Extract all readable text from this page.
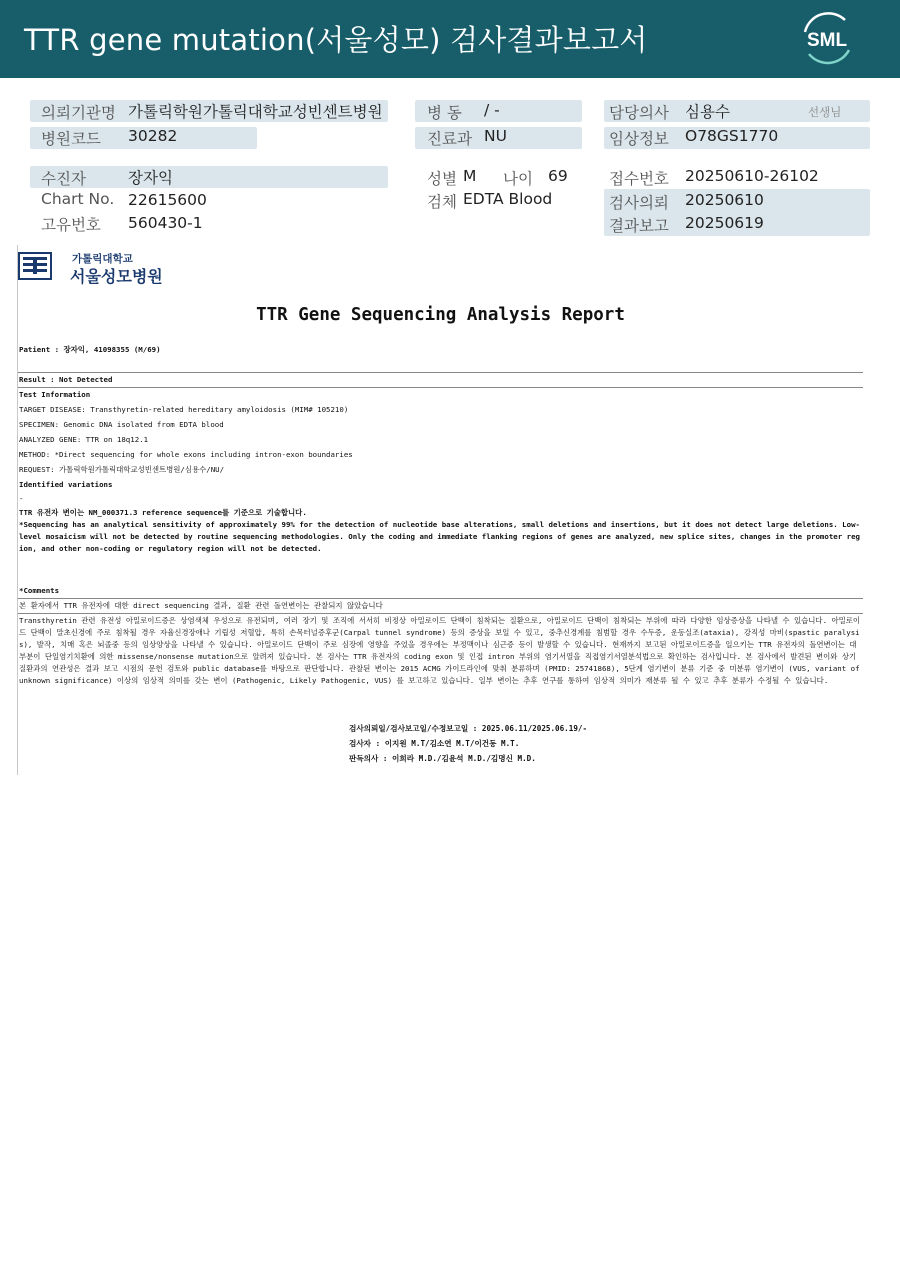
TTR gene mutation(서울성모) 검사결과보고서	SML
의뢰기관명 가톨릭학원가톨릭대학교성빈센트병원
병원코드 30282
병 동 / -
진료과 NU
담당의사 심용수	선생님
임상정보 O78GS1770
수진자	장자익
Chart No. 22615600
고유번호 560430-1
성별 M 나이 69
검체 EDTA Blood
접수번호 20250610-26102
검사의뢰 20250610
결과보고 20250619
가톨릭대학교
서울성모병원
TTR Gene Sequencing Analysis Report
Patient : 장자익, 41098355 (M/69)
Result : Not Detected
Test Information
TARGET DISEASE: Transthyretin-related hereditary amyloidosis (MIM# 105210)
SPECIMEN: Genomic DNA isolated from EDTA blood
ANALYZED GENE: TTR on 18q12.1
METHOD: *Direct sequencing for whole exons including intron-exon boundaries
REQUEST: 가톨릭학원가톨릭대학교성빈센트병원/심용수/NU/
Identified variations
-
TTR 유전자 변이는 NM_000371.3 reference sequence를 기준으로 기술합니다.
*Sequencing has an analytical sensitivity of approximately 99% for the detection of nucleotide base alterations, small deletions and insertions, but it does not detect large deletions. Low-level mosaicism will not be detected by routine sequencing methodologies. Only the coding and immediate flanking regions of genes are analyzed, new splice sites, changes in the promoter region, and other non-coding or regulatory region will not be detected.
*Comments
본 환자에서 TTR 유전자에 대한 direct sequencing 결과, 질환 관련 돌연변이는 관찰되지 않았습니다
Transthyretin 관련 유전성 아밀로이드증은 상염색체 우성으로 유전되며, 여러 장기 및 조직에 서서히 비정상 아밀로이드 단백이 침착되는 질환으로, 아밀로이드 단백이 침착되는 부위에 따라 다양한 임상증상을 나타낼 수 있습니다. 아밀로이드 단백이 말초신경에 주로 침착될 경우 자율신경장애나 기립성 저혈압, 특히 손목터널증후군(Carpal tunnel syndrome) 등의 증상을 보일 수 있고, 중추신경계를 침범할 경우 수두증, 운동실조(ataxia), 강직성 마비(spastic paralysis), 발작, 치매 혹은 뇌졸중 등의 임상양상을 나타낼 수 있습니다. 아밀로이드 단백이 주로 심장에 영향을 주었을 경우에는 부정맥이나 심근증 등이 발생할 수 있습니다. 현재까지 보고된 아밀로이드증을 일으키는 TTR 유전자의 돌연변이는 대부분이 단일염기치환에 의한 missense/nonsense mutation으로 알려져 있습니다. 본 검사는 TTR 유전자의 coding exon 및 인접 intron 부위의 염기서열을 직접염기서열분석법으로 확인하는 검사입니다. 본 검사에서 발견된 변이와 상기 질환과의 연관성은 결과 보고 시점의 문헌 검토와 public database를 바탕으로 판단합니다. 관찰된 변이는 2015 ACMG 가이드라인에 맞춰 분류하며 (PMID: 25741868), 5단계 염기변이 분류 기준 중 미분류 염기변이 (VUS, variant of unknown significance) 이상의 임상적 의미를 갖는 변이 (Pathogenic, Likely Pathogenic, VUS) 를 보고하고 있습니다. 일부 변이는 추후 연구를 통하여 임상적 의미가 재분류 될 수 있고 추후 분류가 수정될 수 있습니다.
검사의뢰일/검사보고일/수정보고일 : 2025.06.11/2025.06.19/-
검사자 : 이지원 M.T/김소연 M.T/이건동 M.T.
판독의사 : 이희라 M.D./김윤석 M.D./김명신 M.D.
